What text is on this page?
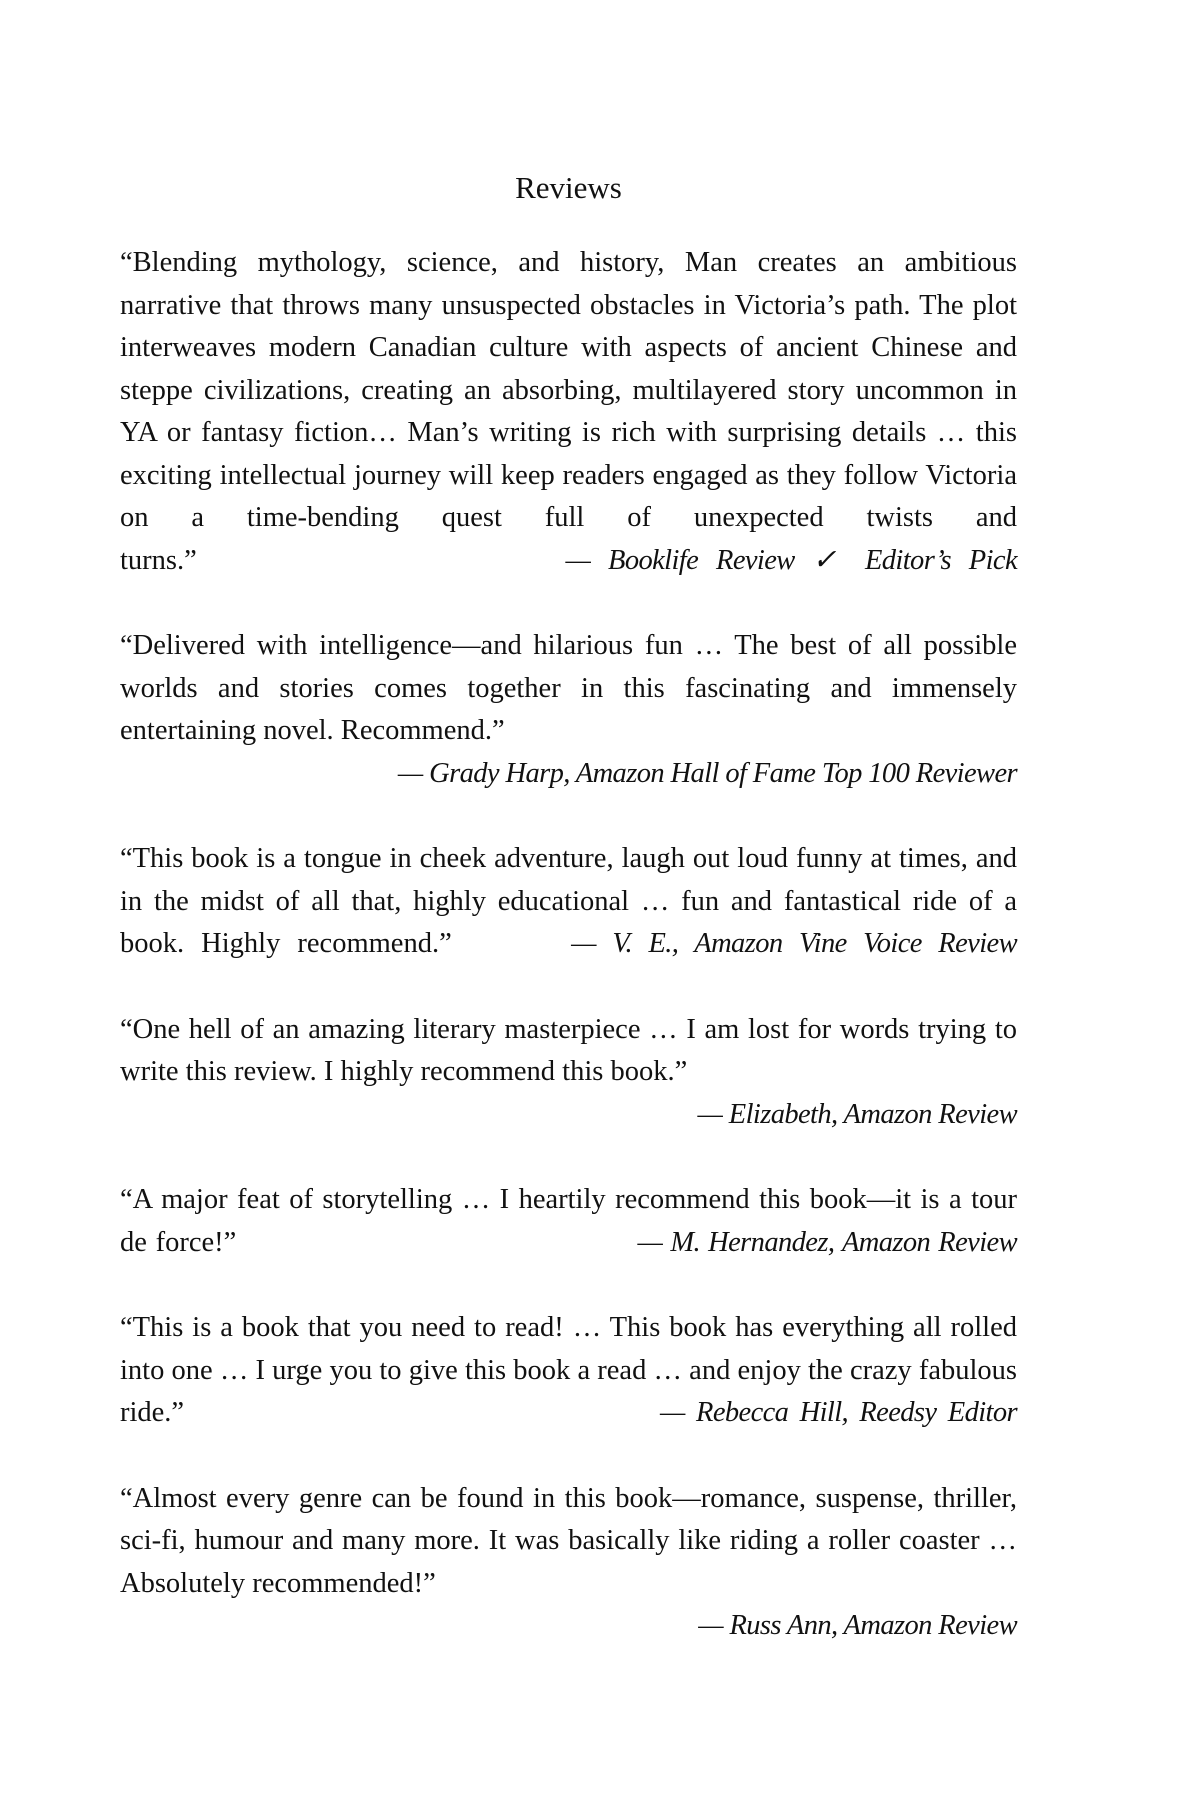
Reviews

“Blending mythology, science, and history, Man creates an ambitious narrative that throws many unsuspected obstacles in Victoria’s path. The plot interweaves modern Canadian culture with aspects of ancient Chinese and steppe civilizations, creating an absorbing, multilayered story uncommon in YA or fantasy fiction… Man’s writing is rich with surprising details … this exciting intellectual journey will keep readers engaged as they follow Victoria on a time-bending quest full of unexpected twists and turns.”	— Booklife Review ✓ Editor’s Pick

“Delivered with intelligence—and hilarious fun … The best of all possible worlds and stories comes together in this fascinating and immensely entertaining novel. Recommend.”
— Grady Harp, Amazon Hall of Fame Top 100 Reviewer

“This book is a tongue in cheek adventure, laugh out loud funny at times, and in the midst of all that, highly educational … fun and fantastical ride of a book. Highly recommend.”	— V. E., Amazon Vine Voice Review

“One hell of an amazing literary masterpiece … I am lost for words trying to write this review. I highly recommend this book.”
— Elizabeth, Amazon Review

“A major feat of storytelling … I heartily recommend this book—it is a tour de force!”	— M. Hernandez, Amazon Review

“This is a book that you need to read! … This book has everything all rolled into one … I urge you to give this book a read … and enjoy the crazy fabulous ride.”	— Rebecca Hill, Reedsy Editor

“Almost every genre can be found in this book—romance, suspense, thriller, sci-fi, humour and many more. It was basically like riding a roller coaster … Absolutely recommended!”
— Russ Ann, Amazon Review
